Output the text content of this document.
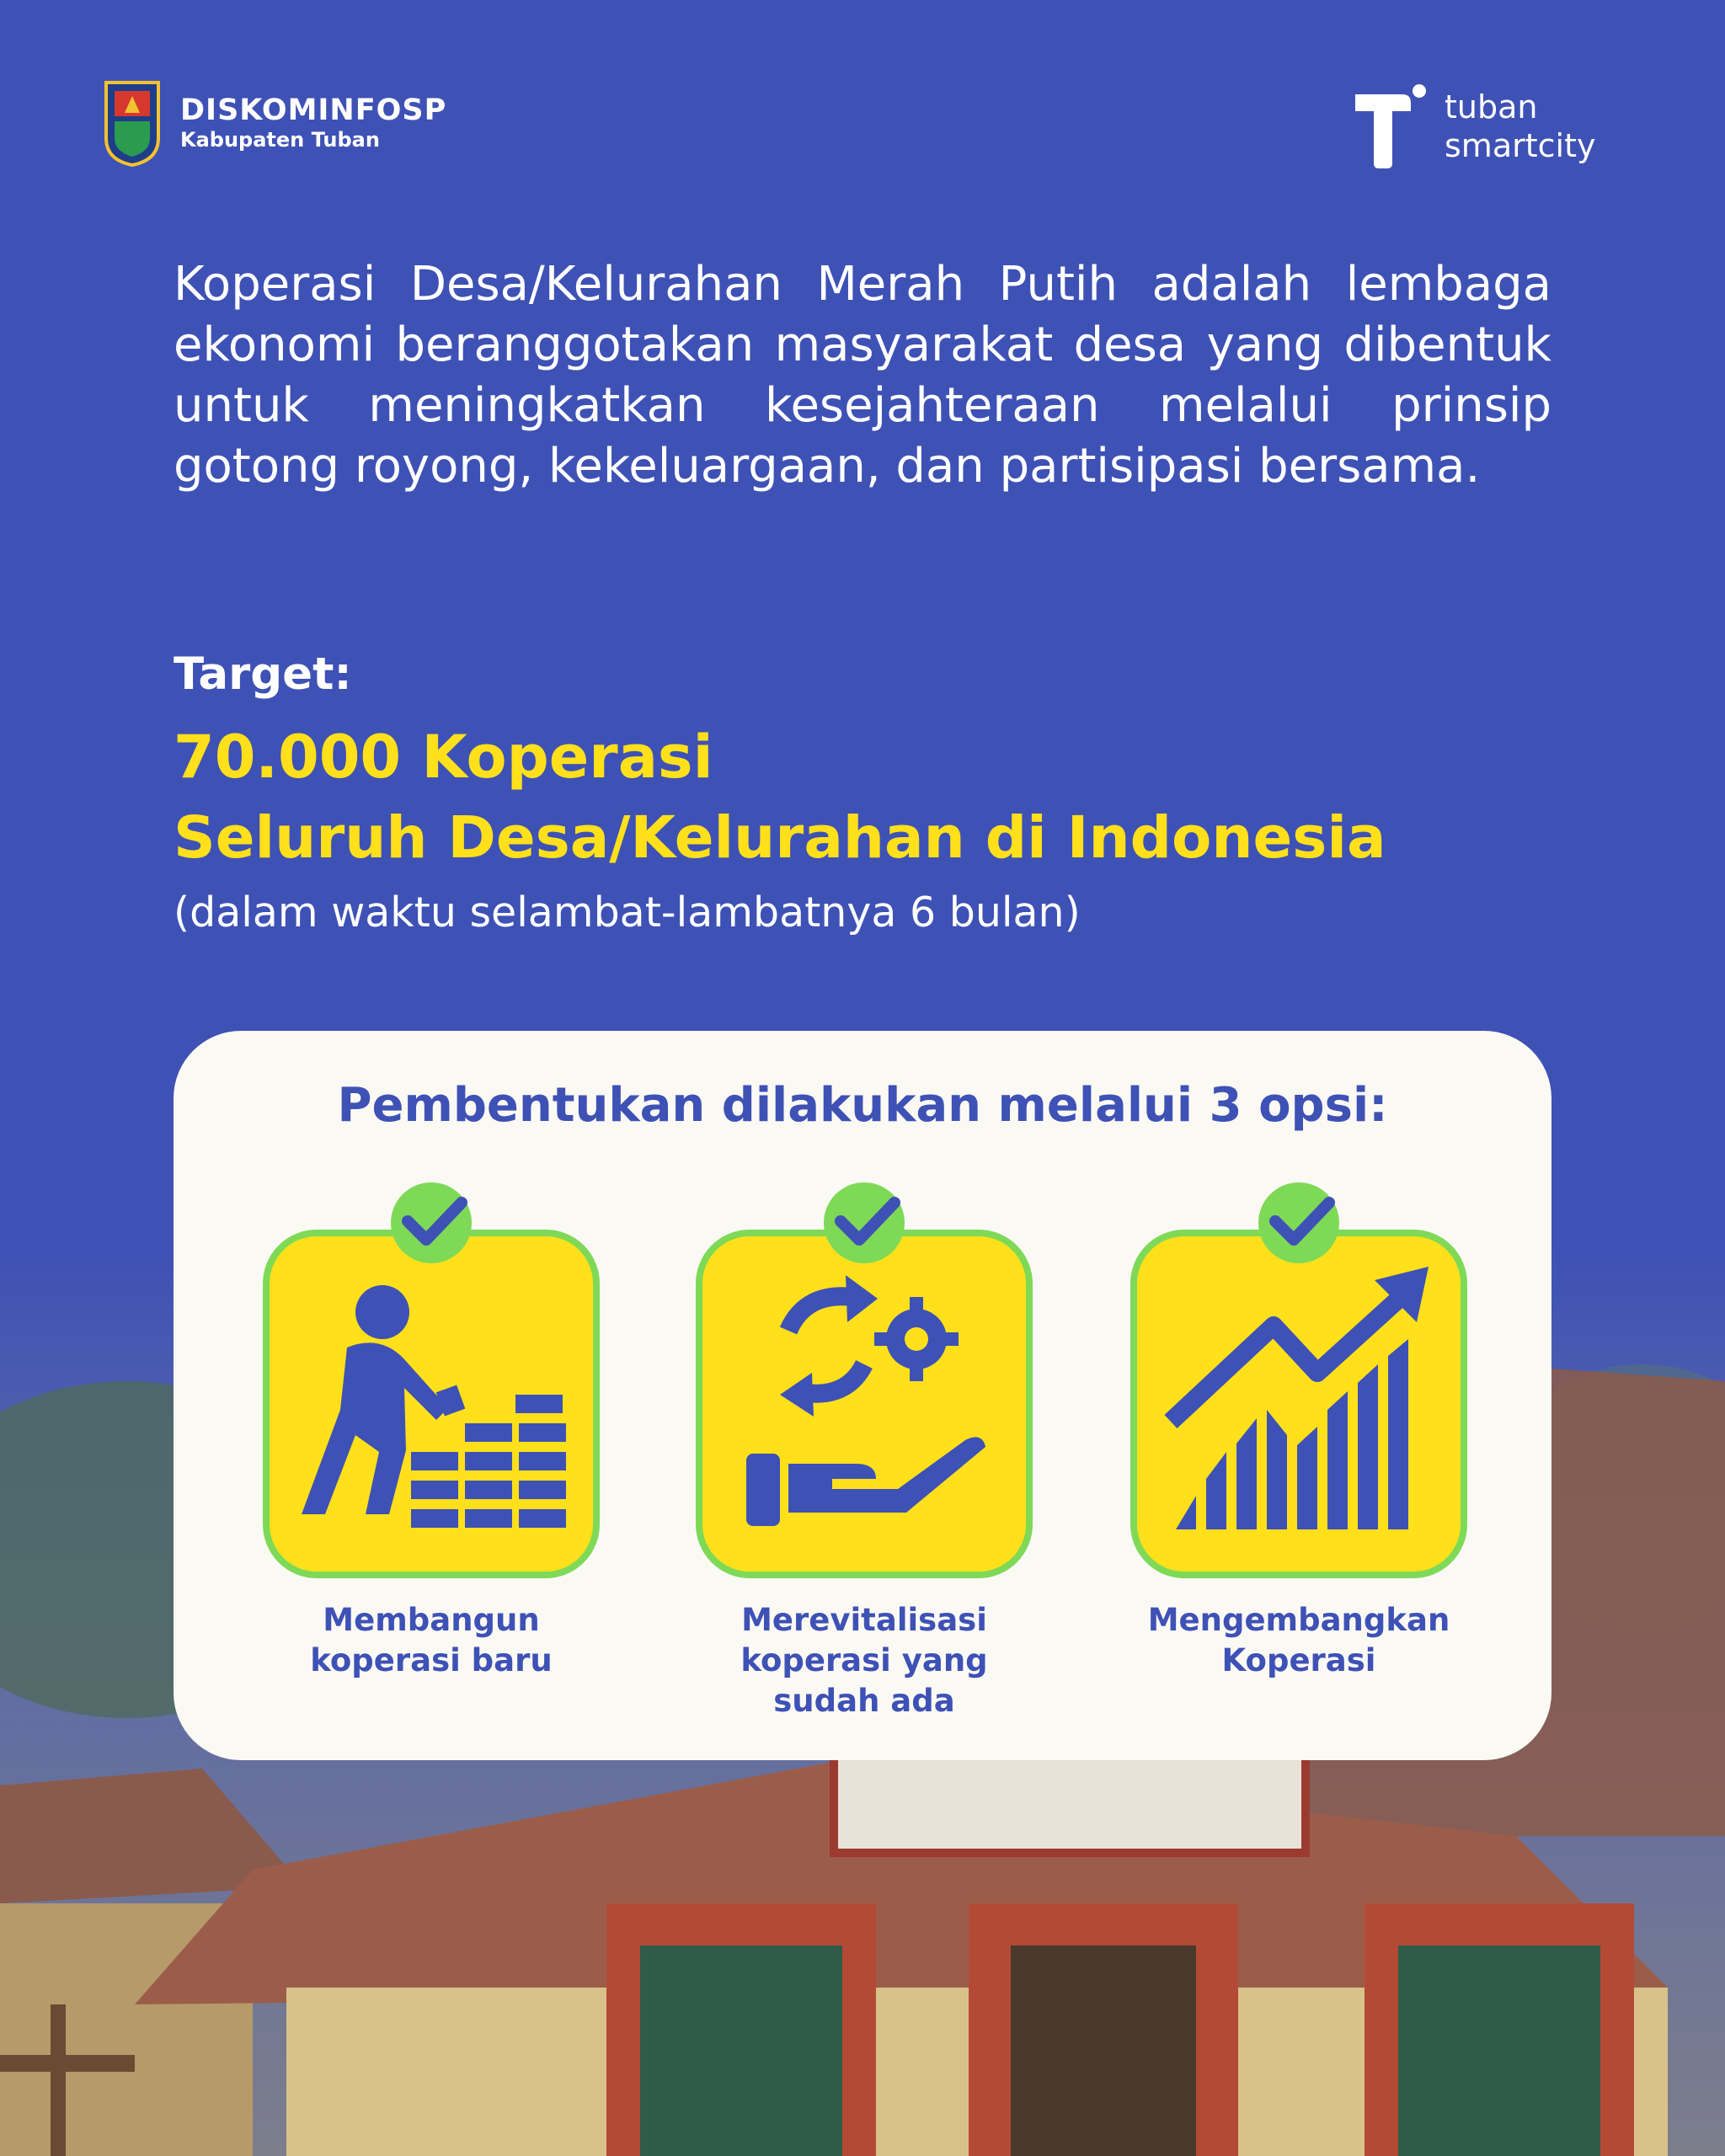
DISKOMINFOSP
Kabupaten Tuban
tuban
smartcity

Koperasi Desa/Kelurahan Merah Putih adalah lembaga ekonomi beranggotakan masyarakat desa yang dibentuk untuk meningkatkan kesejahteraan melalui prinsip gotong royong, kekeluargaan, dan partisipasi bersama.

Target:

70.000 Koperasi

Seluruh Desa/Kelurahan di Indonesia

(dalam waktu selambat-lambatnya 6 bulan)

Pembentukan dilakukan melalui 3 opsi:

Membangun koperasi baru
Merevitalisasi koperasi yang sudah ada
Mengembangkan Koperasi
